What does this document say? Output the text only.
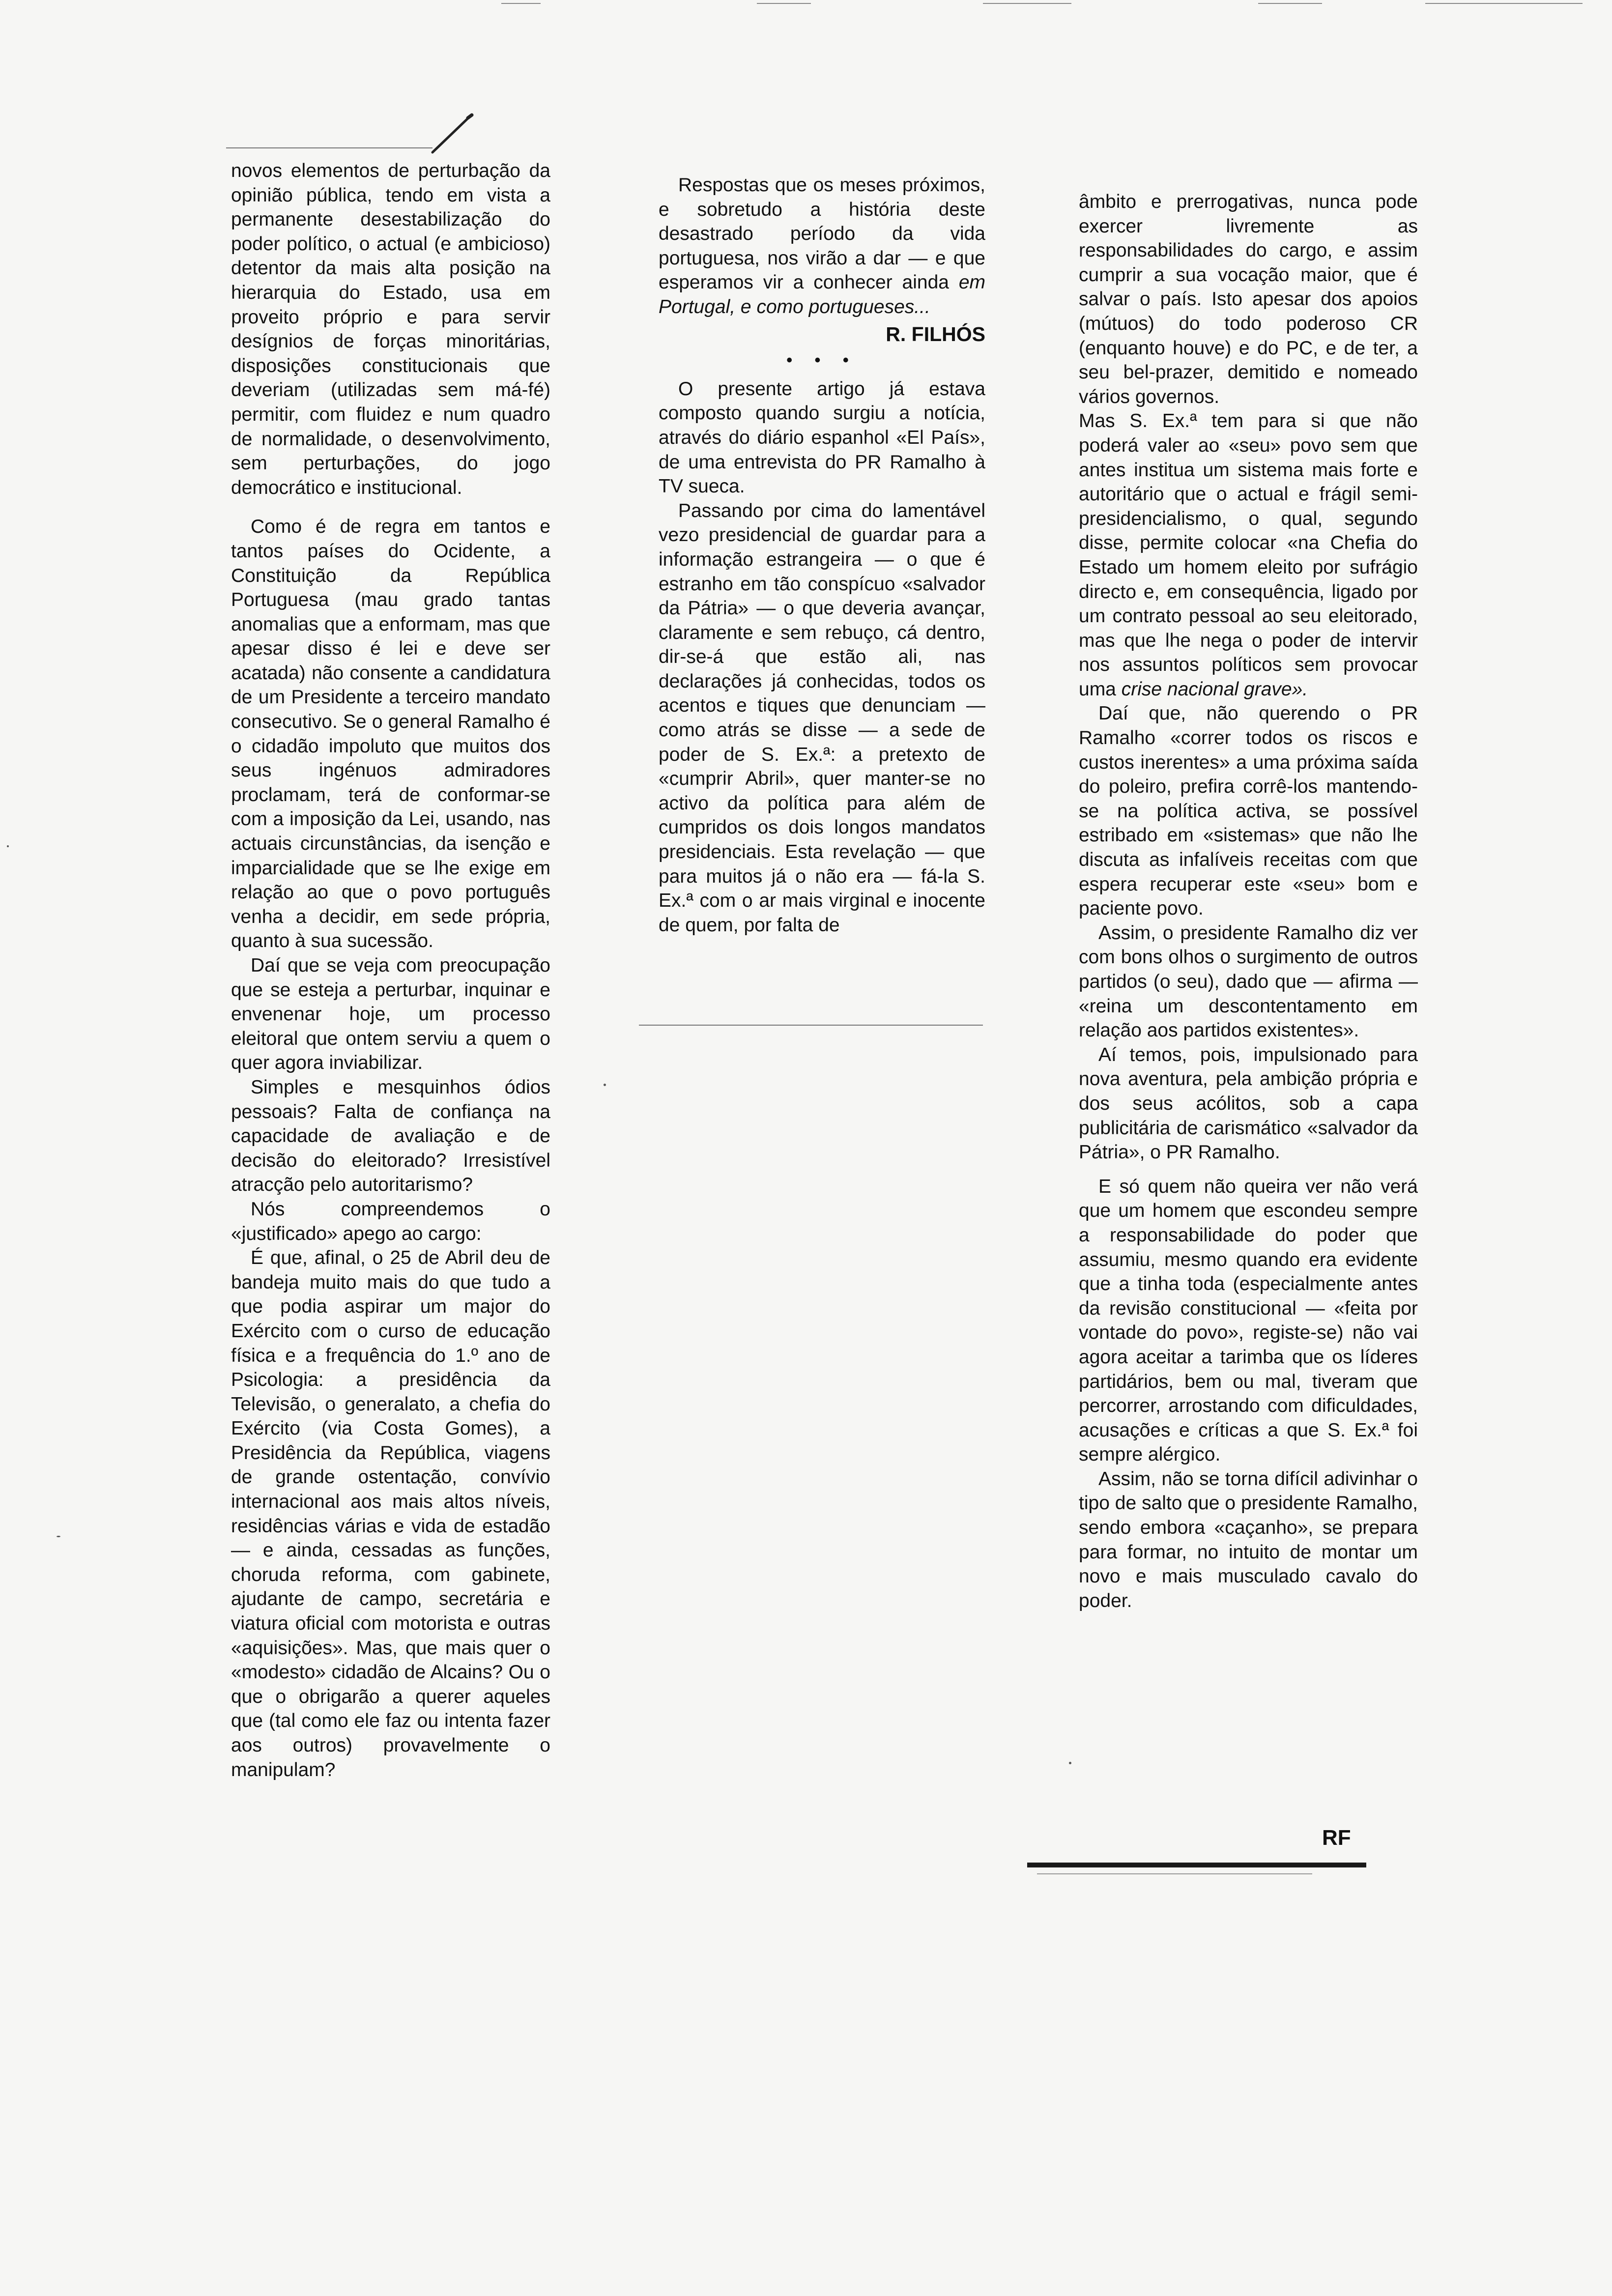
novos elementos de perturbação da opinião pública, tendo em vista a permanente desestabilização do poder político, o actual (e ambicioso) detentor da mais alta posição na hierarquia do Estado, usa em proveito próprio e para servir desígnios de forças minoritárias, disposições constitucionais que deveriam (utilizadas sem má-fé) permitir, com fluidez e num quadro de normalidade, o desenvolvimento, sem perturbações, do jogo democrático e institucional.

Como é de regra em tantos e tantos países do Ocidente, a Constituição da República Portuguesa (mau grado tantas anomalias que a enformam, mas que apesar disso é lei e deve ser acatada) não consente a candidatura de um Presidente a terceiro mandato consecutivo. Se o general Ramalho é o cidadão impoluto que muitos dos seus ingénuos admiradores proclamam, terá de conformar-se com a imposição da Lei, usando, nas actuais circunstâncias, da isenção e imparcialidade que se lhe exige em relação ao que o povo português venha a decidir, em sede própria, quanto à sua sucessão.

Daí que se veja com preocupação que se esteja a perturbar, inquinar e envenenar hoje, um processo eleitoral que ontem serviu a quem o quer agora inviabilizar.

Simples e mesquinhos ódios pessoais? Falta de confiança na capacidade de avaliação e de decisão do eleitorado? Irresistível atracção pelo autoritarismo?

Nós compreendemos o «justificado» apego ao cargo:

É que, afinal, o 25 de Abril deu de bandeja muito mais do que tudo a que podia aspirar um major do Exército com o curso de educação física e a frequência do 1.º ano de Psicologia: a presidência da Televisão, o generalato, a chefia do Exército (via Costa Gomes), a Presidência da República, viagens de grande ostentação, convívio internacional aos mais altos níveis, residências várias e vida de estadão — e ainda, cessadas as funções, choruda reforma, com gabinete, ajudante de campo, secretária e viatura oficial com motorista e outras «aquisições». Mas, que mais quer o «modesto» cidadão de Alcains? Ou o que o obrigarão a querer aqueles que (tal como ele faz ou intenta fazer aos outros) provavelmente o manipulam?

Respostas que os meses próximos, e sobretudo a história deste desastrado período da vida portuguesa, nos virão a dar — e que esperamos vir a conhecer ainda em Portugal, e como portugueses...

R. FILHÓS
• • •

O presente artigo já estava composto quando surgiu a notícia, através do diário espanhol «El País», de uma entrevista do PR Ramalho à TV sueca.

Passando por cima do lamentável vezo presidencial de guardar para a informação estrangeira — o que é estranho em tão conspícuo «salvador da Pátria» — o que deveria avançar, claramente e sem rebuço, cá dentro, dir-se-á que estão ali, nas declarações já conhecidas, todos os acentos e tiques que denunciam — como atrás se disse — a sede de poder de S. Ex.ª: a pretexto de «cumprir Abril», quer manter-se no activo da política para além de cumpridos os dois longos mandatos presidenciais. Esta revelação — que para muitos já o não era — fá-la S. Ex.ª com o ar mais virginal e inocente de quem, por falta de

âmbito e prerrogativas, nunca pode exercer livremente as responsabilidades do cargo, e assim cumprir a sua vocação maior, que é salvar o país. Isto apesar dos apoios (mútuos) do todo poderoso CR (enquanto houve) e do PC, e de ter, a seu bel-prazer, demitido e nomeado vários governos.

Mas S. Ex.ª tem para si que não poderá valer ao «seu» povo sem que antes institua um sistema mais forte e autoritário que o actual e frágil semi-presidencialismo, o qual, segundo disse, permite colocar «na Chefia do Estado um homem eleito por sufrágio directo e, em consequência, ligado por um contrato pessoal ao seu eleitorado, mas que lhe nega o poder de intervir nos assuntos políticos sem provocar uma crise nacional grave».

Daí que, não querendo o PR Ramalho «correr todos os riscos e custos inerentes» a uma próxima saída do poleiro, prefira corrê-los mantendo-se na política activa, se possível estribado em «sistemas» que não lhe discuta as infalíveis receitas com que espera recuperar este «seu» bom e paciente povo.

Assim, o presidente Ramalho diz ver com bons olhos o surgimento de outros partidos (o seu), dado que — afirma — «reina um descontentamento em relação aos partidos existentes».

Aí temos, pois, impulsionado para nova aventura, pela ambição própria e dos seus acólitos, sob a capa publicitária de carismático «salvador da Pátria», o PR Ramalho.

E só quem não queira ver não verá que um homem que escondeu sempre a responsabilidade do poder que assumiu, mesmo quando era evidente que a tinha toda (especialmente antes da revisão constitucional — «feita por vontade do povo», registe-se) não vai agora aceitar a tarimba que os líderes partidários, bem ou mal, tiveram que percorrer, arrostando com dificuldades, acusações e críticas a que S. Ex.ª foi sempre alérgico.

Assim, não se torna difícil adivinhar o tipo de salto que o presidente Ramalho, sendo embora «caçanho», se prepara para formar, no intuito de montar um novo e mais musculado cavalo do poder.

RF
